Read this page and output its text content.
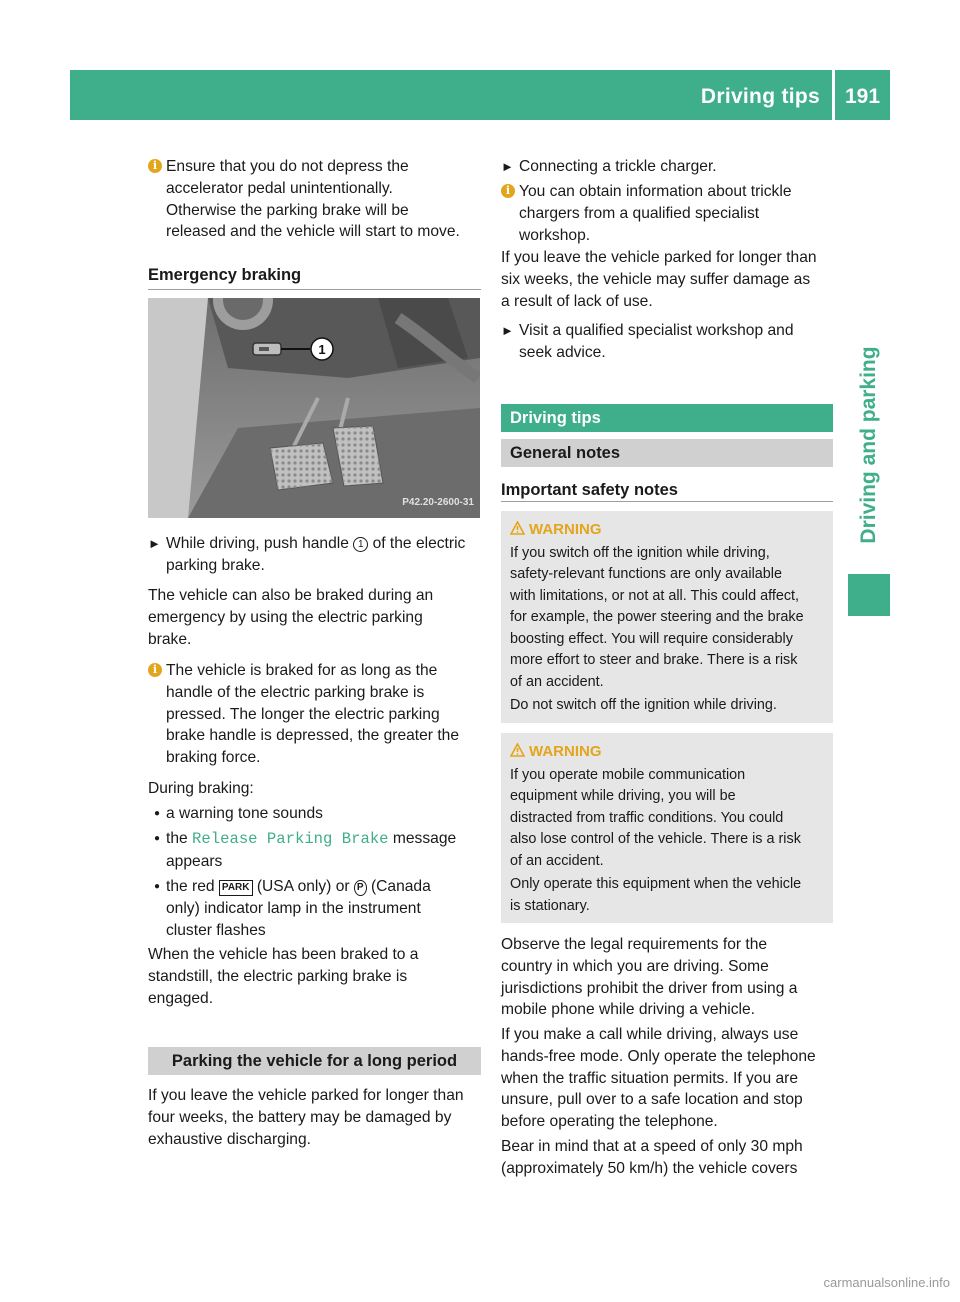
Driving tips	191
Driving and parking
i Ensure that you do not depress the
accelerator pedal unintentionally.
Otherwise the parking brake will be
released and the vehicle will start to move.
Emergency braking
1
P42.20-2600-31
► While driving, push handle 1 of the electric
parking brake.
The vehicle can also be braked during an
emergency by using the electric parking
brake.
i The vehicle is braked for as long as the
handle of the electric parking brake is
pressed. The longer the electric parking
brake handle is depressed, the greater the
braking force.
During braking:
● a warning tone sounds
● the Release Parking Brake message
appears
● the red PARK (USA only) or P (Canada
only) indicator lamp in the instrument
cluster flashes
When the vehicle has been braked to a
standstill, the electric parking brake is
engaged.
Parking the vehicle for a long period
If you leave the vehicle parked for longer than
four weeks, the battery may be damaged by
exhaustive discharging.
► Connecting a trickle charger.
i You can obtain information about trickle
chargers from a qualified specialist
workshop.
If you leave the vehicle parked for longer than
six weeks, the vehicle may suffer damage as
a result of lack of use.
► Visit a qualified specialist workshop and
seek advice.
Driving tips
General notes
Important safety notes
WARNING
If you switch off the ignition while driving,
safety-relevant functions are only available
with limitations, or not at all. This could affect,
for example, the power steering and the brake
boosting effect. You will require considerably
more effort to steer and brake. There is a risk
of an accident.
Do not switch off the ignition while driving.
WARNING
If you operate mobile communication
equipment while driving, you will be
distracted from traffic conditions. You could
also lose control of the vehicle. There is a risk
of an accident.
Only operate this equipment when the vehicle
is stationary.
Observe the legal requirements for the
country in which you are driving. Some
jurisdictions prohibit the driver from using a
mobile phone while driving a vehicle.
If you make a call while driving, always use
hands-free mode. Only operate the telephone
when the traffic situation permits. If you are
unsure, pull over to a safe location and stop
before operating the telephone.
Bear in mind that at a speed of only 30 mph
(approximately 50 km/h) the vehicle covers
carmanualsonline.info
